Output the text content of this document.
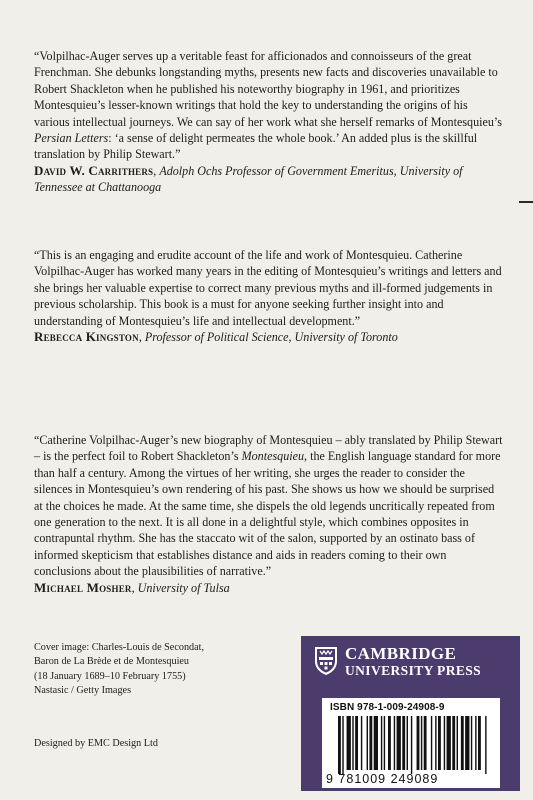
“Volpilhac-Auger serves up a veritable feast for afficionados and connoisseurs of the great Frenchman. She debunks longstanding myths, presents new facts and discoveries unavailable to Robert Shackleton when he published his noteworthy biography in 1961, and prioritizes Montesquieu’s lesser-known writings that hold the key to understanding the origins of his various intellectual journeys. We can say of her work what she herself remarks of Montesquieu’s Persian Letters: ‘a sense of delight permeates the whole book.’ An added plus is the skillful translation by Philip Stewart.”

David W. Carrithers, Adolph Ochs Professor of Government Emeritus, University of Tennessee at Chattanooga

“This is an engaging and erudite account of the life and work of Montesquieu. Catherine Volpilhac-Auger has worked many years in the editing of Montesquieu’s writings and letters and she brings her valuable expertise to correct many previous myths and ill-formed judgements in previous scholarship. This book is a must for anyone seeking further insight into and understanding of Montesquieu’s life and intellectual development.”

Rebecca Kingston, Professor of Political Science, University of Toronto

“Catherine Volpilhac-Auger’s new biography of Montesquieu – ably translated by Philip Stewart – is the perfect foil to Robert Shackleton’s Montesquieu, the English language standard for more than half a century. Among the virtues of her writing, she urges the reader to consider the silences in Montesquieu’s own rendering of his past. She shows us how we should be surprised at the choices he made. At the same time, she dispels the old legends uncritically repeated from one generation to the next. It is all done in a delightful style, which combines opposites in contrapuntal rhythm. She has the staccato wit of the salon, supported by an ostinato bass of informed skepticism that establishes distance and aids in readers coming to their own conclusions about the plausibilities of narrative.”

Michael Mosher, University of Tulsa

Cover image: Charles-Louis de Secondat,
Baron de La Brède et de Montesquieu
(18 January 1689–10 February 1755)
Nastasic / Getty Images

Designed by EMC Design Ltd

CAMBRIDGE
UNIVERSITY PRESS
ISBN 978-1-009-24908-9
9 781009 249089
